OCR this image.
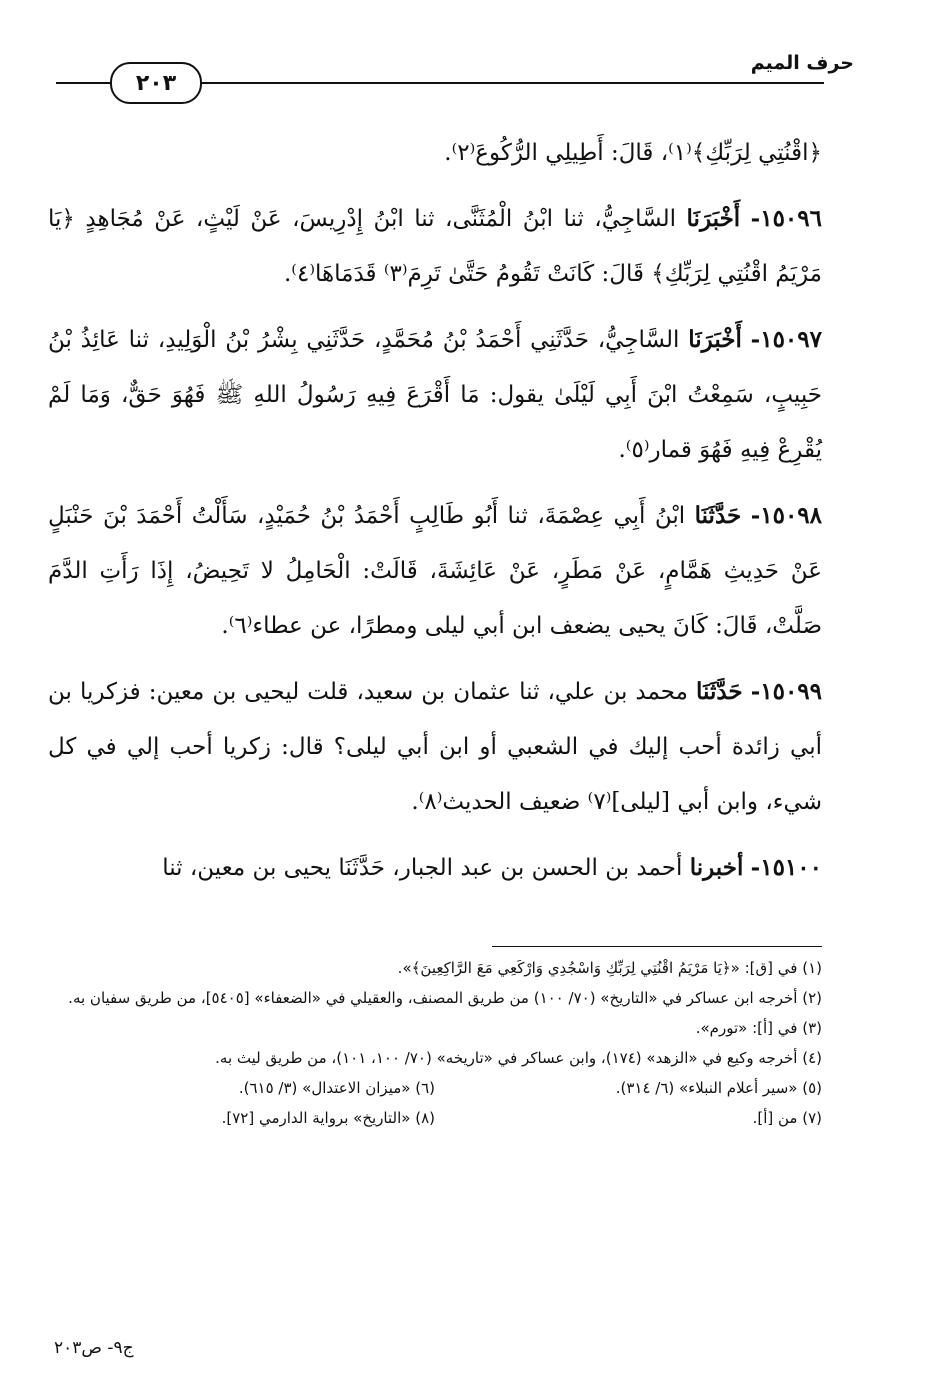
حرف الميم
٢٠٣

﴿اقْنُتِي لِرَبِّكِ﴾⁽١⁾، قَالَ: أَطِيلِي الرُّكُوعَ⁽٢⁾.

١٥٠٩٦- أَخْبَرَنَا السَّاجِيُّ، ثنا ابْنُ الْمُثَنَّى، ثنا ابْنُ إِدْرِيسَ، عَنْ لَيْثٍ، عَنْ مُجَاهِدٍ ﴿يَا مَرْيَمُ اقْنُتِي لِرَبِّكِ﴾ قَالَ: كَانَتْ تَقُومُ حَتَّىٰ تَرِمَ⁽٣⁾ قَدَمَاهَا⁽٤⁾.

١٥٠٩٧- أَخْبَرَنَا السَّاجِيُّ، حَدَّثَنِي أَحْمَدُ بْنُ مُحَمَّدٍ، حَدَّثَنِي بِشْرُ بْنُ الْوَلِيدِ، ثنا عَائِذُ بْنُ حَبِيبٍ، سَمِعْتُ ابْنَ أَبِي لَيْلَىٰ يقول: مَا أَقْرَعَ فِيهِ رَسُولُ اللهِ ﷺ فَهُوَ حَقٌّ، وَمَا لَمْ يُقْرِعْ فِيهِ فَهُوَ قمار⁽٥⁾.

١٥٠٩٨- حَدَّثَنَا ابْنُ أَبِي عِصْمَةَ، ثنا أَبُو طَالِبٍ أَحْمَدُ بْنُ حُمَيْدٍ، سَأَلْتُ أَحْمَدَ بْنَ حَنْبَلٍ عَنْ حَدِيثِ هَمَّامٍ، عَنْ مَطَرٍ، عَنْ عَائِشَةَ، قَالَتْ: الْحَامِلُ لا تَحِيضُ، إِذَا رَأَتِ الدَّمَ صَلَّتْ، قَالَ: كَانَ يحيى يضعف ابن أبي ليلى ومطرًا، عن عطاء⁽٦⁾.

١٥٠٩٩- حَدَّثَنَا محمد بن علي، ثنا عثمان بن سعيد، قلت ليحيى بن معين: فزكريا بن أبي زائدة أحب إليك في الشعبي أو ابن أبي ليلى؟ قال: زكريا أحب إلي في كل شيء، وابن أبي [ليلى]⁽٧⁾ ضعيف الحديث⁽٨⁾.

١٥١٠٠- أخبرنا أحمد بن الحسن بن عبد الجبار، حَدَّثَنَا يحيى بن معين، ثنا

(١) في [ق]: «﴿يَا مَرْيَمُ اقْنُتِي لِرَبِّكِ وَاسْجُدِي وَارْكَعِي مَعَ الرَّاكِعِينَ﴾».

(٢) أخرجه ابن عساكر في «التاريخ» (٧٠/ ١٠٠) من طريق المصنف، والعقيلي في «الضعفاء» [٥٤٠٥]، من طريق سفيان به.

(٣) في [أ]: «تورم».

(٤) أخرجه وكيع في «الزهد» (١٧٤)، وابن عساكر في «تاريخه» (٧٠/ ١٠٠، ١٠١)، من طريق ليث به.

(٥) «سير أعلام النبلاء» (٦/ ٣١٤).

(٦) «ميزان الاعتدال» (٣/ ٦١٥).

(٧) من [أ].

(٨) «التاريخ» برواية الدارمي [٧٢].

ج٩- ص٢٠٣
